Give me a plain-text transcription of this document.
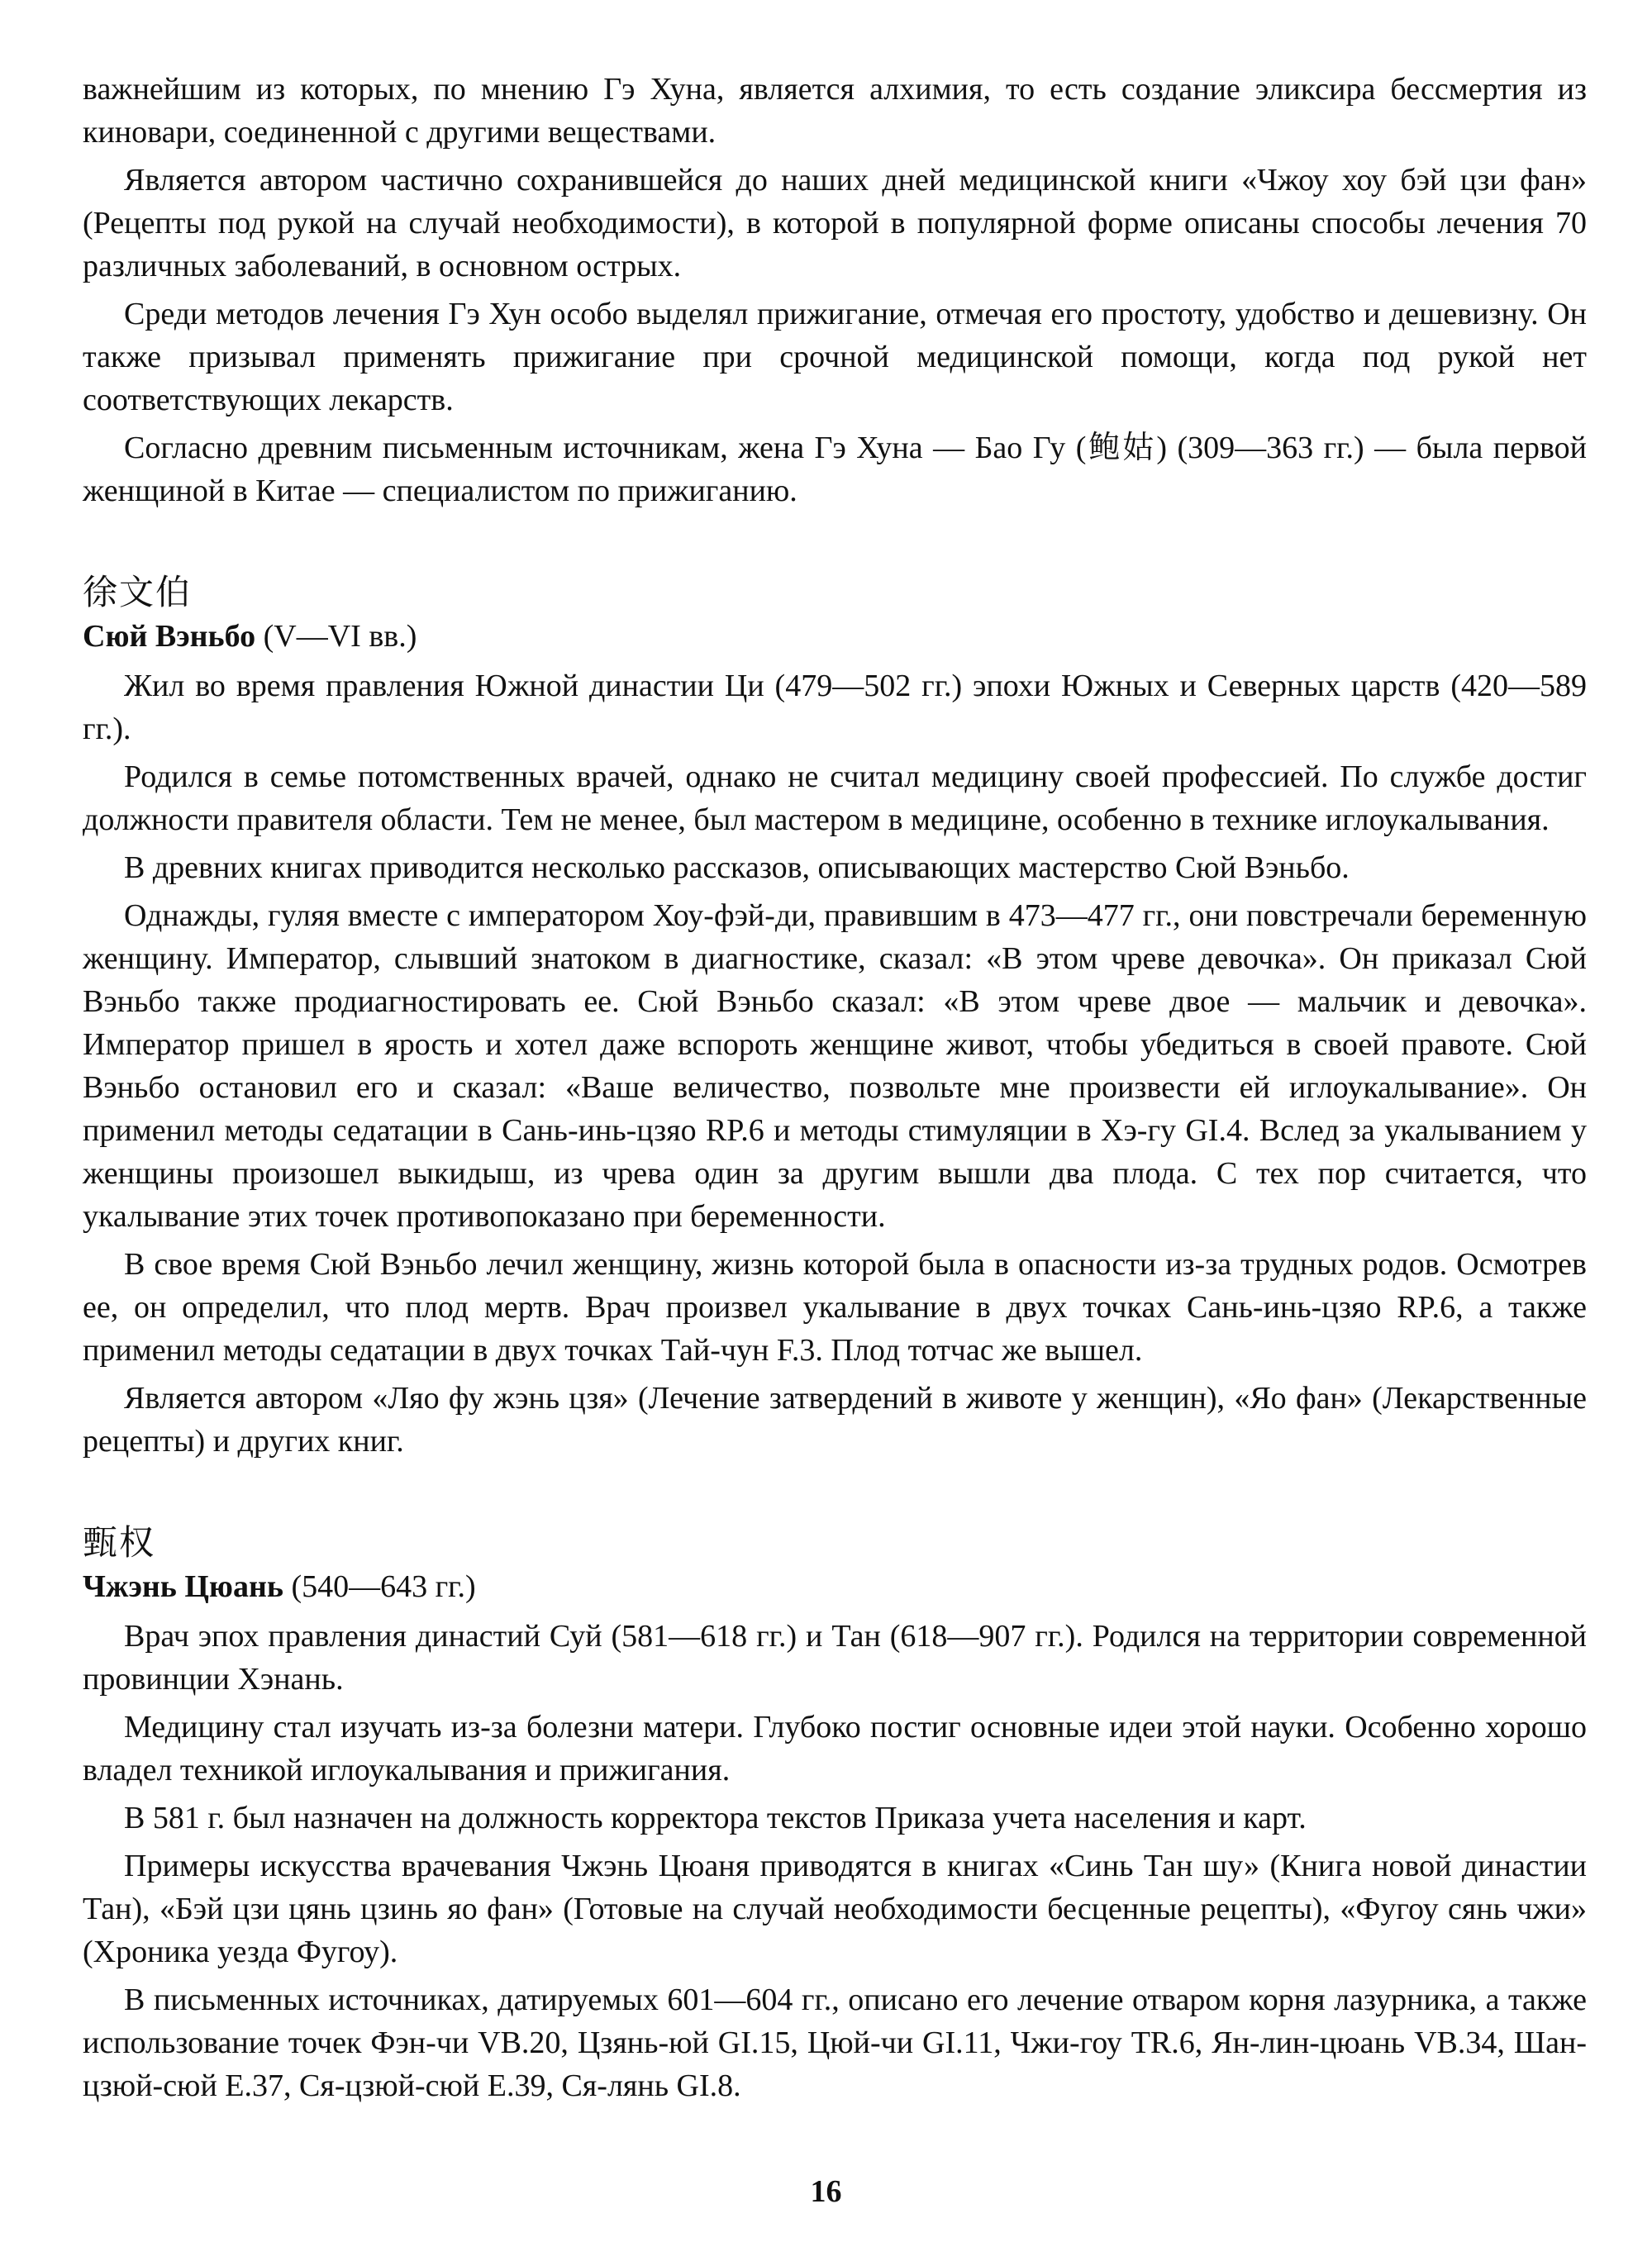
важнейшим из которых, по мнению Гэ Хуна, является алхимия, то есть создание эликсира бессмертия из киновари, соединенной с другими веществами.

Является автором частично сохранившейся до наших дней медицинской книги «Чжоу хоу бэй цзи фан» (Рецепты под рукой на случай необходимости), в которой в популярной форме описаны способы лечения 70 различных заболеваний, в основном острых.

Среди методов лечения Гэ Хун особо выделял прижигание, отмечая его простоту, удобство и дешевизну. Он также призывал применять прижигание при срочной медицинской помощи, когда под рукой нет соответствующих лекарств.

Согласно древним письменным источникам, жена Гэ Хуна — Бао Гу (鲍姑) (309—363 гг.) — была первой женщиной в Китае — специалистом по прижиганию.

徐文伯

Сюй Вэньбо (V—VI вв.)

Жил во время правления Южной династии Ци (479—502 гг.) эпохи Южных и Северных царств (420—589 гг.).

Родился в семье потомственных врачей, однако не считал медицину своей профессией. По службе достиг должности правителя области. Тем не менее, был мастером в медицине, особенно в технике иглоукалывания.

В древних книгах приводится несколько рассказов, описывающих мастерство Сюй Вэньбо.

Однажды, гуляя вместе с императором Хоу-фэй-ди, правившим в 473—477 гг., они повстречали беременную женщину. Император, слывший знатоком в диагностике, сказал: «В этом чреве девочка». Он приказал Сюй Вэньбо также продиагностировать ее. Сюй Вэньбо сказал: «В этом чреве двое — мальчик и девочка». Император пришел в ярость и хотел даже вспороть женщине живот, чтобы убедиться в своей правоте. Сюй Вэньбо остановил его и сказал: «Ваше величество, позвольте мне произвести ей иглоукалывание». Он применил методы седатации в Сань-инь-цзяо RP.6 и методы стимуляции в Хэ-гу GI.4. Вслед за укалыванием у женщины произошел выкидыш, из чрева один за другим вышли два плода. С тех пор считается, что укалывание этих точек противопоказано при беременности.

В свое время Сюй Вэньбо лечил женщину, жизнь которой была в опасности из-за трудных родов. Осмотрев ее, он определил, что плод мертв. Врач произвел укалывание в двух точках Сань-инь-цзяо RP.6, а также применил методы седатации в двух точках Тай-чун F.3. Плод тотчас же вышел.

Является автором «Ляо фу жэнь цзя» (Лечение затвердений в животе у женщин), «Яо фан» (Лекарственные рецепты) и других книг.

甄权

Чжэнь Цюань (540—643 гг.)

Врач эпох правления династий Суй (581—618 гг.) и Тан (618—907 гг.). Родился на территории современной провинции Хэнань.

Медицину стал изучать из-за болезни матери. Глубоко постиг основные идеи этой науки. Особенно хорошо владел техникой иглоукалывания и прижигания.

В 581 г. был назначен на должность корректора текстов Приказа учета населения и карт.

Примеры искусства врачевания Чжэнь Цюаня приводятся в книгах «Синь Тан шу» (Книга новой династии Тан), «Бэй цзи цянь цзинь яо фан» (Готовые на случай необходимости бесценные рецепты), «Фугоу сянь чжи» (Хроника уезда Фугоу).

В письменных источниках, датируемых 601—604 гг., описано его лечение отваром корня лазурника, а также использование точек Фэн-чи VB.20, Цзянь-юй GI.15, Цюй-чи GI.11, Чжи-гоу TR.6, Ян-лин-цюань VB.34, Шан-цзюй-сюй E.37, Ся-цзюй-сюй E.39, Ся-лянь GI.8.

16
